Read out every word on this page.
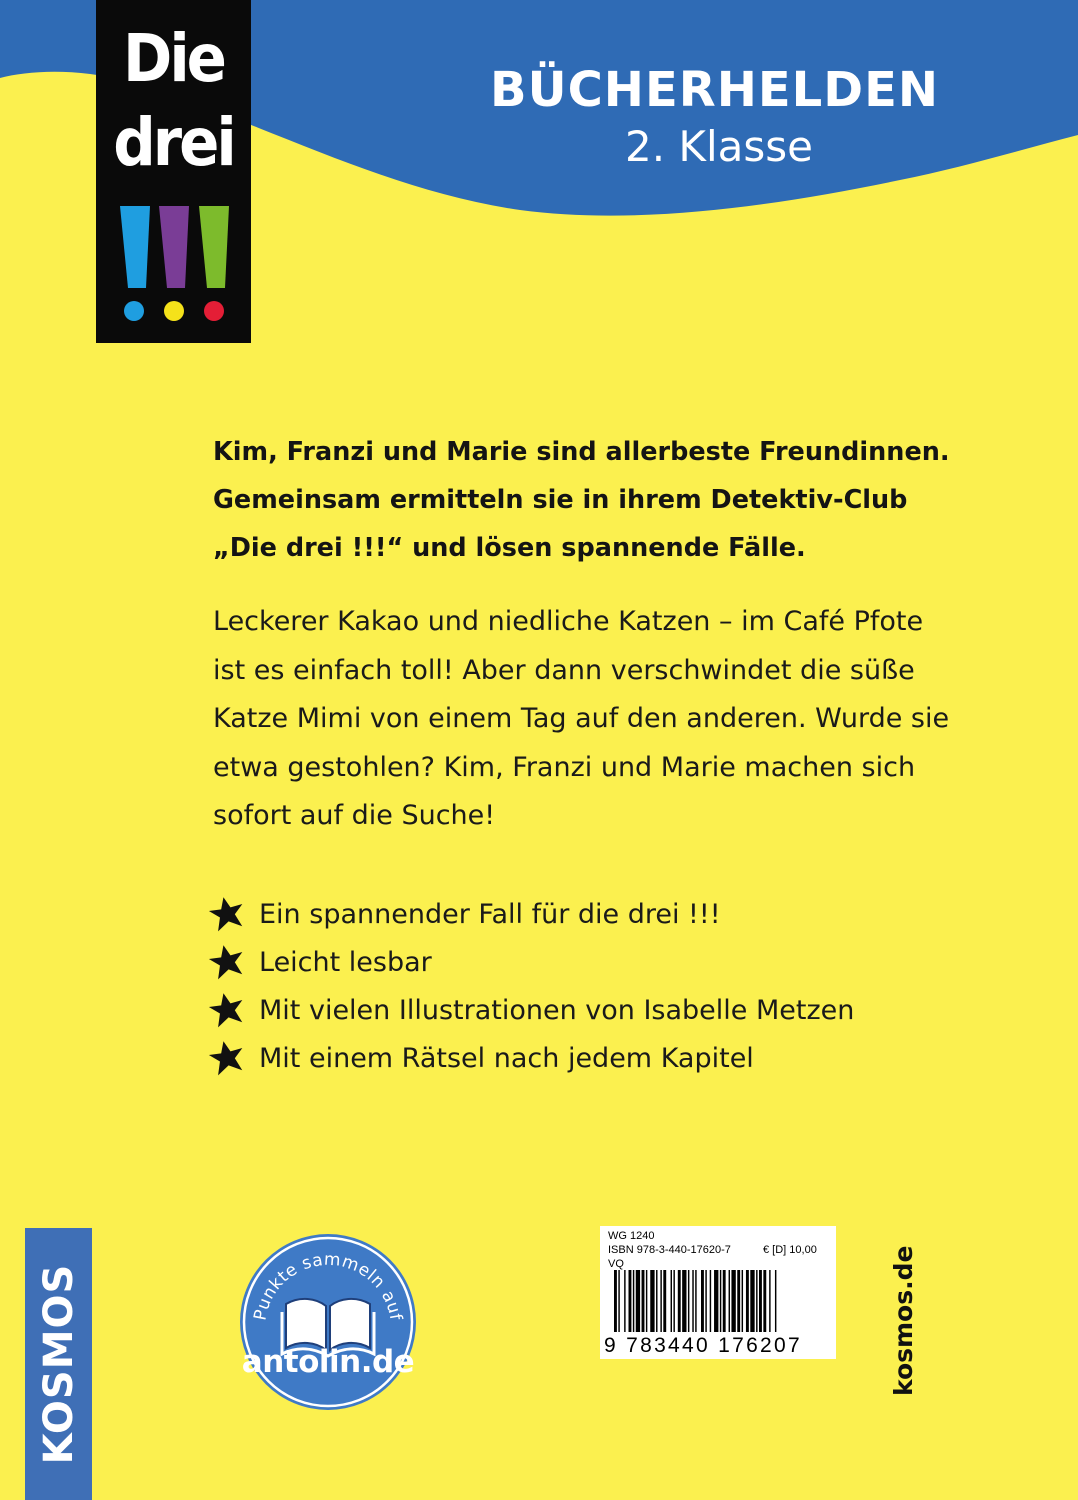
BÜCHERHELDEN
2. Klasse
Die
drei

Kim, Franzi und Marie sind allerbeste Freundinnen.

Gemeinsam ermitteln sie in ihrem Detektiv-Club

„Die drei !!!“ und lösen spannende Fälle.

Leckerer Kakao und niedliche Katzen – im Café Pfote

ist es einfach toll! Aber dann verschwindet die süße

Katze Mimi von einem Tag auf den anderen. Wurde sie

etwa gestohlen? Kim, Franzi und Marie machen sich

sofort auf die Suche!

Ein spannender Fall für die drei !!!
Leicht lesbar
Mit vielen Illustrationen von Isabelle Metzen
Mit einem Rätsel nach jedem Kapitel
KOSMOS	Punkte sammeln auf
antolin.de
WG 1240
ISBN 978-3-440-17620-7	€ [D] 10,00
VQ
9 783440 176207	kosmos.de
